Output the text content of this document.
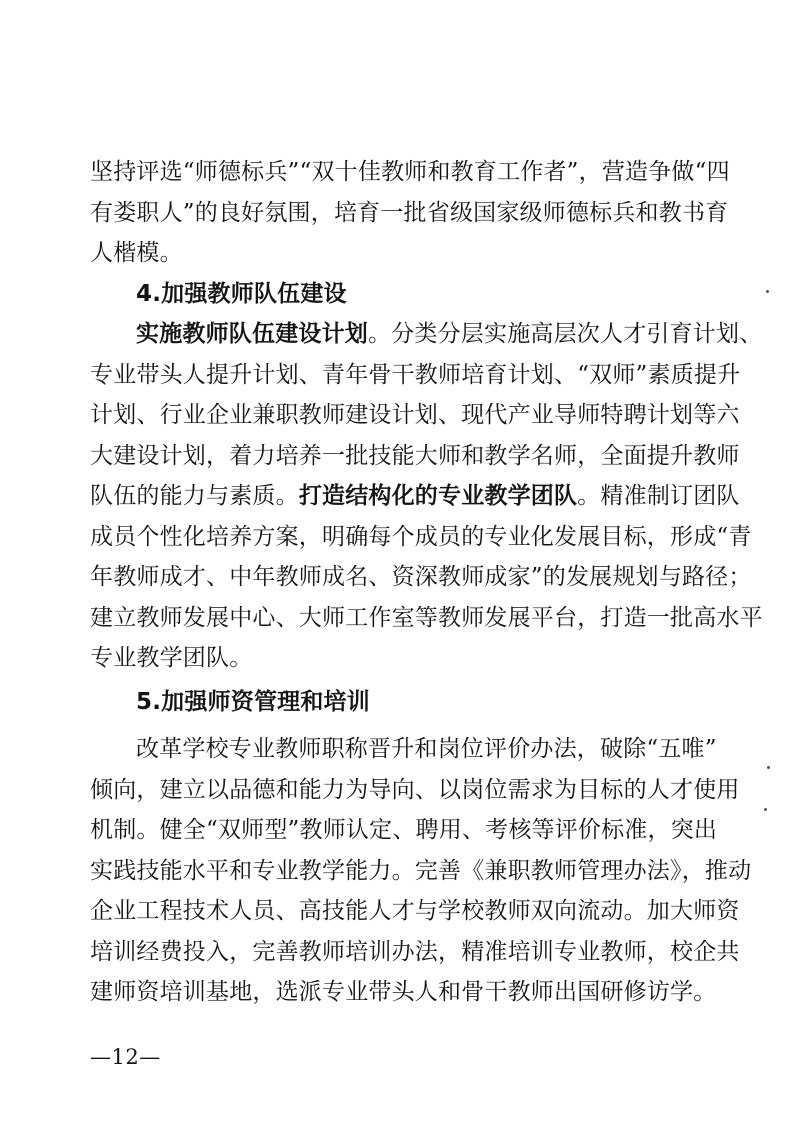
坚持评选“师德标兵”“双十佳教师和教育工作者”，营造争做“四
有娄职人”的良好氛围，培育一批省级国家级师德标兵和教书育
人楷模。
4.加强教师队伍建设
实施教师队伍建设计划。分类分层实施高层次人才引育计划、
专业带头人提升计划、青年骨干教师培育计划、“双师”素质提升
计划、行业企业兼职教师建设计划、现代产业导师特聘计划等六
大建设计划，着力培养一批技能大师和教学名师，全面提升教师
队伍的能力与素质。打造结构化的专业教学团队。精准制订团队
成员个性化培养方案，明确每个成员的专业化发展目标，形成“青
年教师成才、中年教师成名、资深教师成家”的发展规划与路径；
建立教师发展中心、大师工作室等教师发展平台，打造一批高水平
专业教学团队。
5.加强师资管理和培训
改革学校专业教师职称晋升和岗位评价办法，破除“五唯”
倾向，建立以品德和能力为导向、以岗位需求为目标的人才使用
机制。健全“双师型”教师认定、聘用、考核等评价标准，突出
实践技能水平和专业教学能力。完善《兼职教师管理办法》，推动
企业工程技术人员、高技能人才与学校教师双向流动。加大师资
培训经费投入，完善教师培训办法，精准培训专业教师，校企共
建师资培训基地，选派专业带头人和骨干教师出国研修访学。
—12—
